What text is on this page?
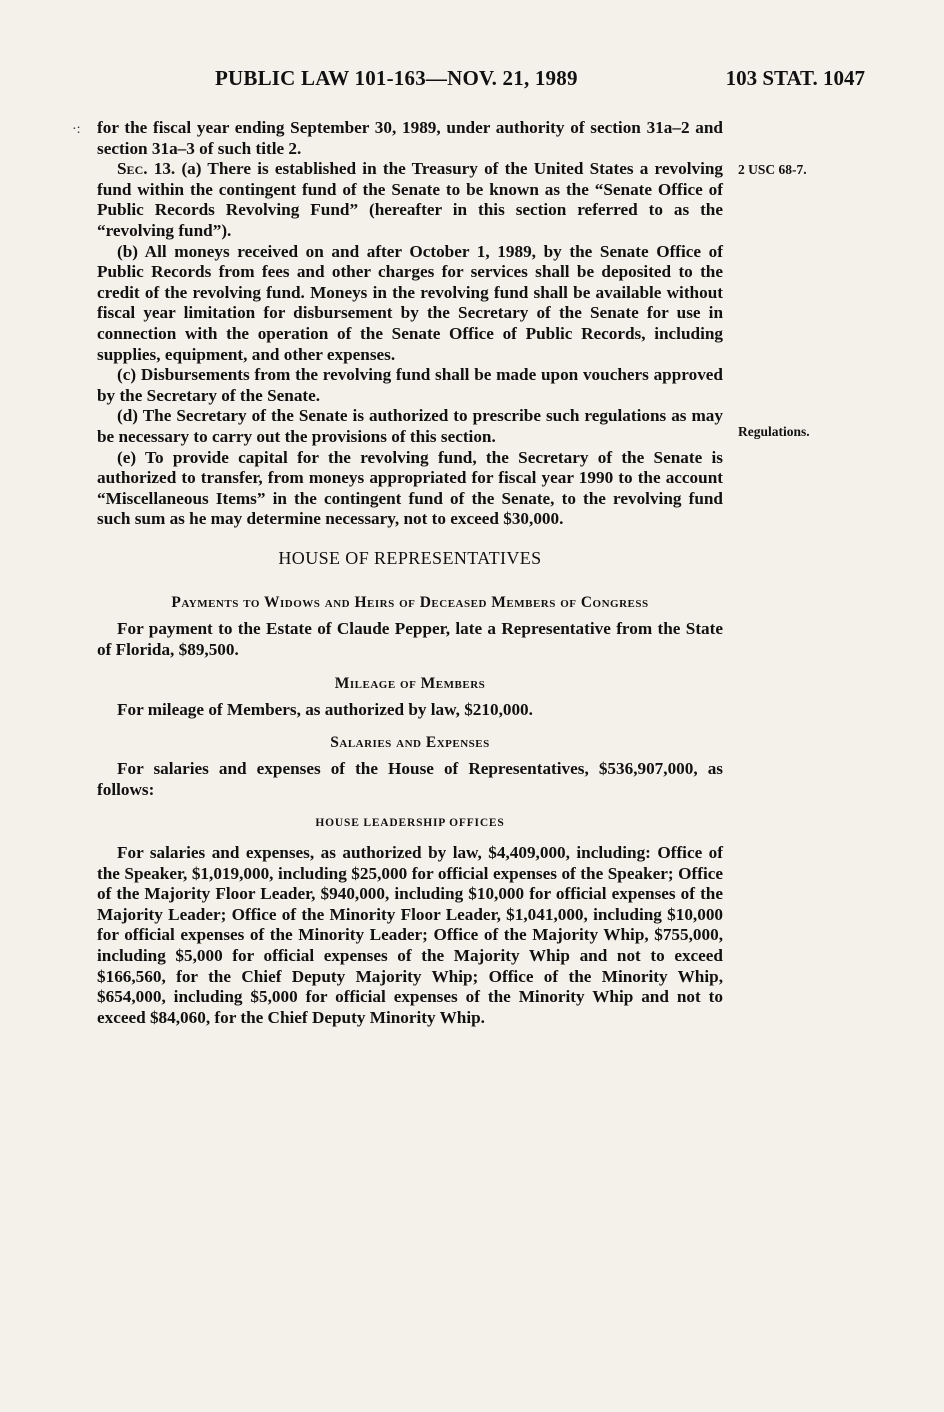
PUBLIC LAW 101-163—NOV. 21, 1989	103 STAT. 1047
·:
2 USC 68-7.
Regulations.

for the fiscal year ending September 30, 1989, under authority of section 31a–2 and section 31a–3 of such title 2.

Sec. 13. (a) There is established in the Treasury of the United States a revolving fund within the contingent fund of the Senate to be known as the “Senate Office of Public Records Revolving Fund” (hereafter in this section referred to as the “revolving fund”).

(b) All moneys received on and after October 1, 1989, by the Senate Office of Public Records from fees and other charges for services shall be deposited to the credit of the revolving fund. Moneys in the revolving fund shall be available without fiscal year limitation for disbursement by the Secretary of the Senate for use in connection with the operation of the Senate Office of Public Records, including supplies, equipment, and other expenses.

(c) Disbursements from the revolving fund shall be made upon vouchers approved by the Secretary of the Senate.

(d) The Secretary of the Senate is authorized to prescribe such regulations as may be necessary to carry out the provisions of this section.

(e) To provide capital for the revolving fund, the Secretary of the Senate is authorized to transfer, from moneys appropriated for fiscal year 1990 to the account “Miscellaneous Items” in the contingent fund of the Senate, to the revolving fund such sum as he may determine necessary, not to exceed $30,000.

HOUSE OF REPRESENTATIVES
Payments to Widows and Heirs of Deceased Members of Congress

For payment to the Estate of Claude Pepper, late a Representative from the State of Florida, $89,500.

Mileage of Members

For mileage of Members, as authorized by law, $210,000.

Salaries and Expenses

For salaries and expenses of the House of Representatives, $536,907,000, as follows:

HOUSE LEADERSHIP OFFICES

For salaries and expenses, as authorized by law, $4,409,000, including: Office of the Speaker, $1,019,000, including $25,000 for official expenses of the Speaker; Office of the Majority Floor Leader, $940,000, including $10,000 for official expenses of the Majority Leader; Office of the Minority Floor Leader, $1,041,000, including $10,000 for official expenses of the Minority Leader; Office of the Majority Whip, $755,000, including $5,000 for official expenses of the Majority Whip and not to exceed $166,560, for the Chief Deputy Majority Whip; Office of the Minority Whip, $654,000, including $5,000 for official expenses of the Minority Whip and not to exceed $84,060, for the Chief Deputy Minority Whip.
